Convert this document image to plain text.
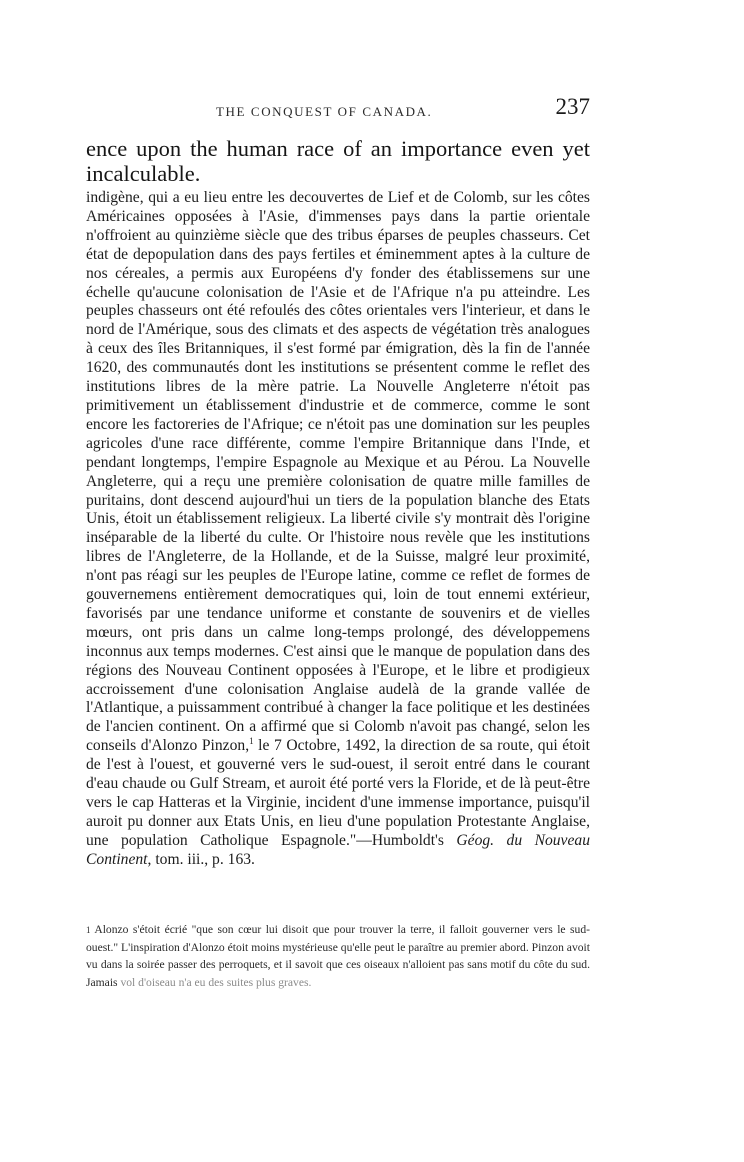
THE CONQUEST OF CANADA.	237

ence upon the human race of an importance even yet incalculable.

indigène, qui a eu lieu entre les decouvertes de Lief et de Colomb, sur les côtes Américaines opposées à l'Asie, d'immenses pays dans la partie orientale n'offroient au quinzième siècle que des tribus éparses de peuples chasseurs. Cet état de depopulation dans des pays fertiles et éminemment aptes à la culture de nos céreales, a permis aux Européens d'y fonder des établissemens sur une échelle qu'aucune colonisation de l'Asie et de l'Afrique n'a pu atteindre. Les peuples chasseurs ont été refoulés des côtes orientales vers l'interieur, et dans le nord de l'Amérique, sous des climats et des aspects de végétation très analogues à ceux des îles Britanniques, il s'est formé par émigration, dès la fin de l'année 1620, des communautés dont les institutions se présentent comme le reflet des institutions libres de la mère patrie. La Nouvelle Angleterre n'étoit pas primitivement un établissement d'industrie et de commerce, comme le sont encore les factoreries de l'Afrique; ce n'étoit pas une domination sur les peuples agricoles d'une race différente, comme l'empire Britannique dans l'Inde, et pendant longtemps, l'empire Espagnole au Mexique et au Pérou. La Nouvelle Angleterre, qui a reçu une première colonisation de quatre mille familles de puritains, dont descend aujourd'hui un tiers de la population blanche des Etats Unis, étoit un établissement religieux. La liberté civile s'y montrait dès l'origine inséparable de la liberté du culte. Or l'histoire nous revèle que les institutions libres de l'Angleterre, de la Hollande, et de la Suisse, malgré leur proximité, n'ont pas réagi sur les peuples de l'Europe latine, comme ce reflet de formes de gouvernemens entièrement democratiques qui, loin de tout ennemi extérieur, favorisés par une tendance uniforme et constante de souvenirs et de vielles mœurs, ont pris dans un calme long-temps prolongé, des développemens inconnus aux temps modernes. C'est ainsi que le manque de population dans des régions des Nouveau Continent opposées à l'Europe, et le libre et prodigieux accroissement d'une colonisation Anglaise audelà de la grande vallée de l'Atlantique, a puissamment contribué à changer la face politique et les destinées de l'ancien continent. On a affirmé que si Colomb n'avoit pas changé, selon les conseils d'Alonzo Pinzon,$^1$ le 7 Octobre, 1492, la direction de sa route, qui étoit de l'est à l'ouest, et gouverné vers le sud-ouest, il seroit entré dans le courant d'eau chaude ou Gulf Stream, et auroit été porté vers la Floride, et de là peut-être vers le cap Hatteras et la Virginie, incident d'une immense importance, puisqu'il auroit pu donner aux Etats Unis, en lieu d'une population Protestante Anglaise, une population Catholique Espagnole."—Humboldt's Géog. du Nouveau Continent, tom. iii., p. 163.

$^1$ Alonzo s'étoit écrié "que son cœur lui disoit que pour trouver la terre, il falloit gouverner vers le sud-ouest." L'inspiration d'Alonzo étoit moins mystérieuse qu'elle peut le paraître au premier abord. Pinzon avoit vu dans la soirée passer des perroquets, et il savoit que ces oiseaux n'alloient pas sans motif du côte du sud. Jamais vol d'oiseau n'a eu des suites plus graves.
